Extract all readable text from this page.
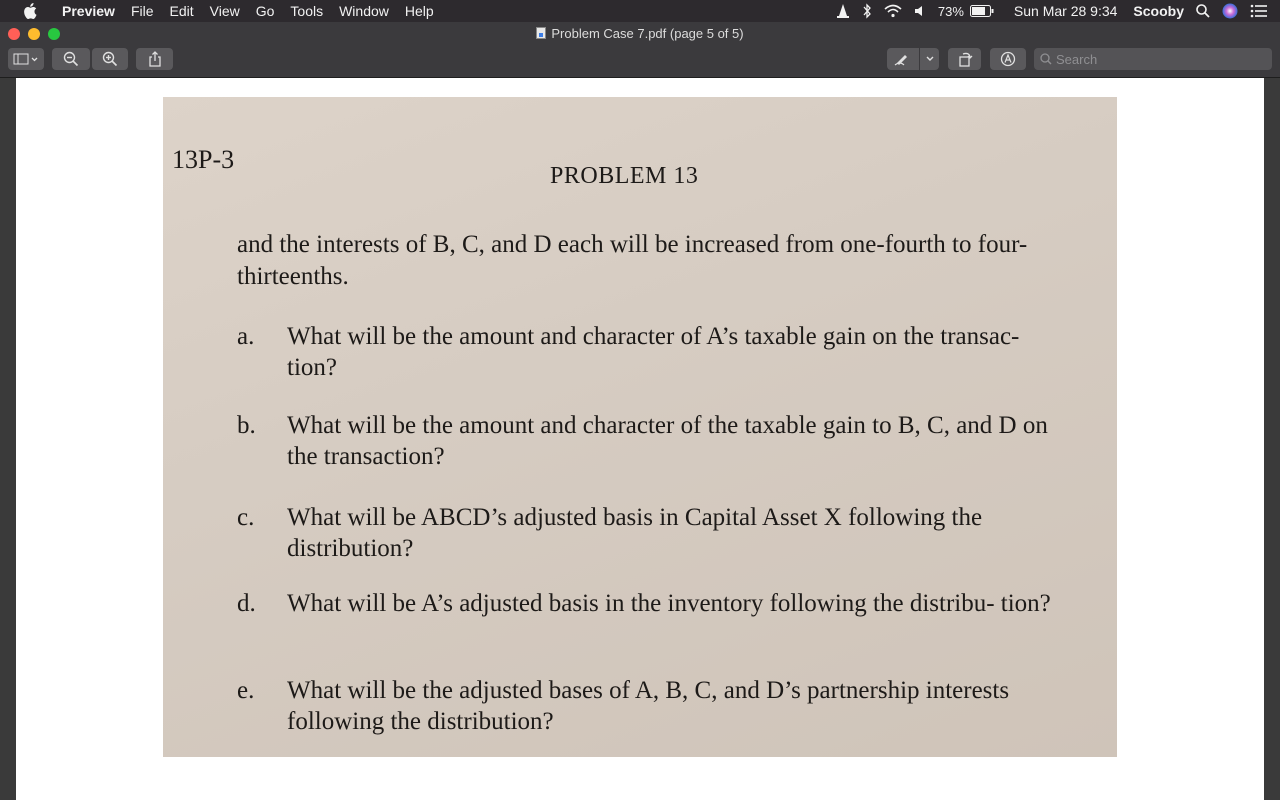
Preview	File	Edit	View	Go	Tools	Window	Help	73%	Sun Mar 28 9:34 Scooby
Problem Case 7.pdf (page 5 of 5)
Search
13P-3
PROBLEM 13
and the interests of B, C, and D each will be increased from one-fourth to four-thirteenths.
a. What will be the amount and character of A’s taxable gain on the transac- tion?
b. What will be the amount and character of the taxable gain to B, C, and D on the transaction?
c. What will be ABCD’s adjusted basis in Capital Asset X following the distribution?
d. What will be A’s adjusted basis in the inventory following the distribu- tion?
e. What will be the adjusted bases of A, B, C, and D’s partnership interests following the distribution?
